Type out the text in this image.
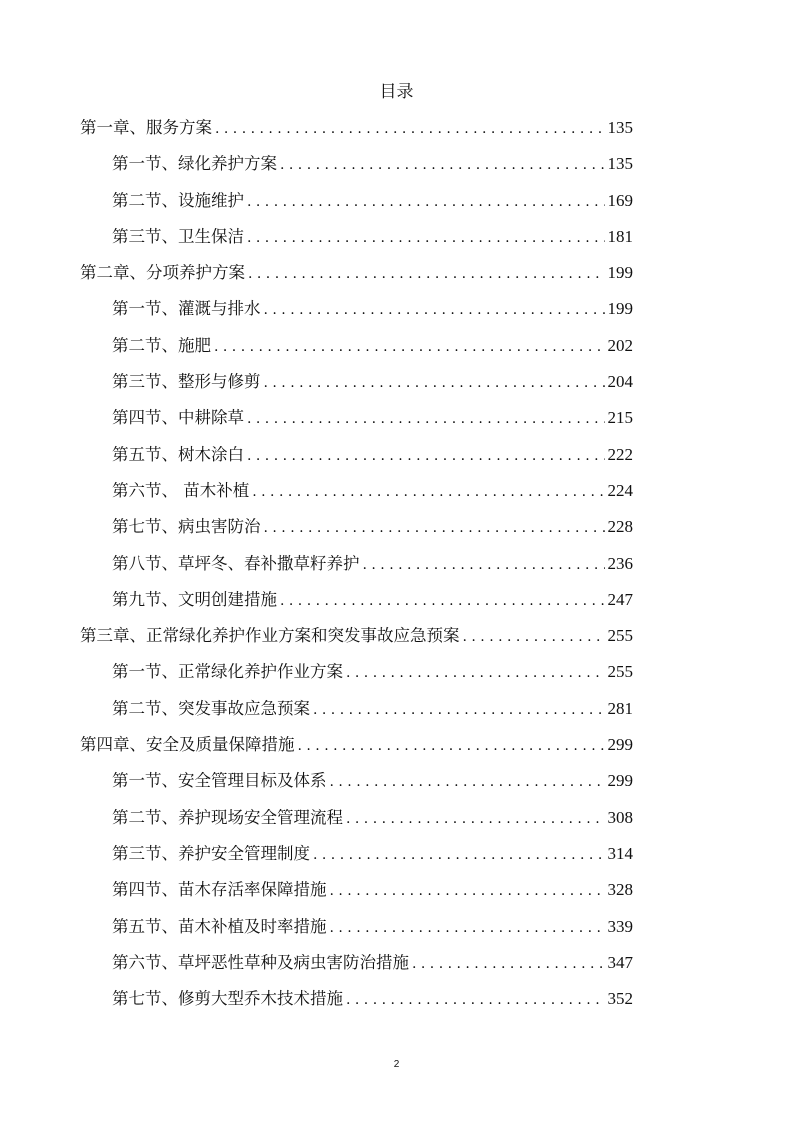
目录
第一章、服务方案 . . .	135
第一节、绿化养护方案 . . .	135
第二节、设施维护 . . .	169
第三节、卫生保洁 . . .	181
第二章、分项养护方案 . . .	199
第一节、灌溉与排水 . . .	199
第二节、施肥 . . .	202
第三节、整形与修剪 . . .	204
第四节、中耕除草 . . .	215
第五节、树木涂白 . . .	222
第六节、 苗木补植 . . .	224
第七节、病虫害防治 . . .	228
第八节、草坪冬、春补撒草籽养护 . . .	236
第九节、文明创建措施 . . .	247
第三章、正常绿化养护作业方案和突发事故应急预案 . . .	255
第一节、正常绿化养护作业方案 . . .	255
第二节、突发事故应急预案 . . .	281
第四章、安全及质量保障措施 . . .	299
第一节、安全管理目标及体系 . . .	299
第二节、养护现场安全管理流程 . . .	308
第三节、养护安全管理制度 . . .	314
第四节、苗木存活率保障措施 . . .	328
第五节、苗木补植及时率措施 . . .	339
第六节、草坪恶性草种及病虫害防治措施 . . .	347
第七节、修剪大型乔木技术措施 . . .	352
2
